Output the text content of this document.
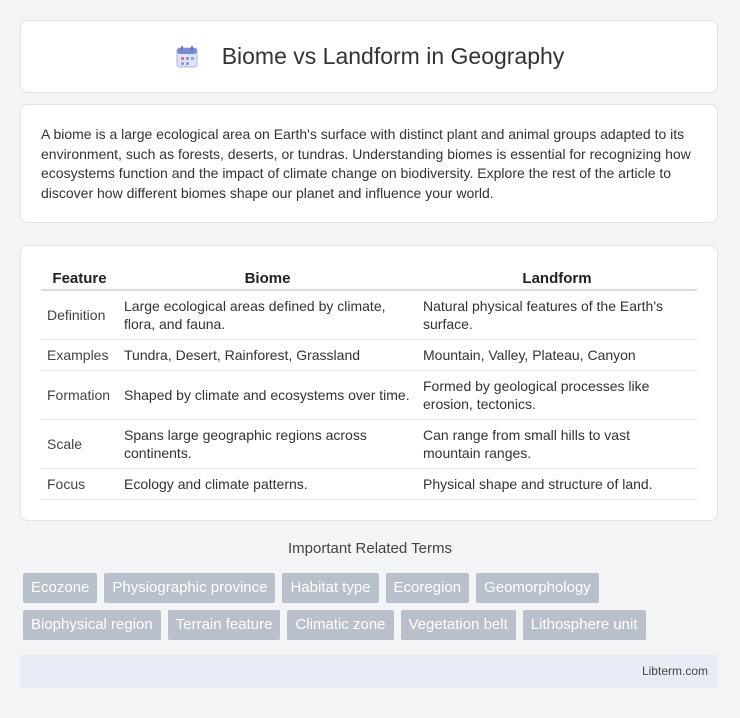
Biome vs Landform in Geography

A biome is a large ecological area on Earth's surface with distinct plant and animal groups adapted to its environment, such as forests, deserts, or tundras. Understanding biomes is essential for recognizing how ecosystems function and the impact of climate change on biodiversity. Explore the rest of the article to discover how different biomes shape our planet and influence your world.

Feature	Biome	Landform
Definition	Large ecological areas defined by climate, flora, and fauna.	Natural physical features of the Earth's surface.
Examples	Tundra, Desert, Rainforest, Grassland	Mountain, Valley, Plateau, Canyon
Formation	Shaped by climate and ecosystems over time.	Formed by geological processes like erosion, tectonics.
Scale	Spans large geographic regions across continents.	Can range from small hills to vast mountain ranges.
Focus	Ecology and climate patterns.	Physical shape and structure of land.
Important Related Terms
Ecozone	Physiographic province	Habitat type	Ecoregion	Geomorphology
Biophysical region	Terrain feature	Climatic zone	Vegetation belt	Lithosphere unit
Libterm.com
